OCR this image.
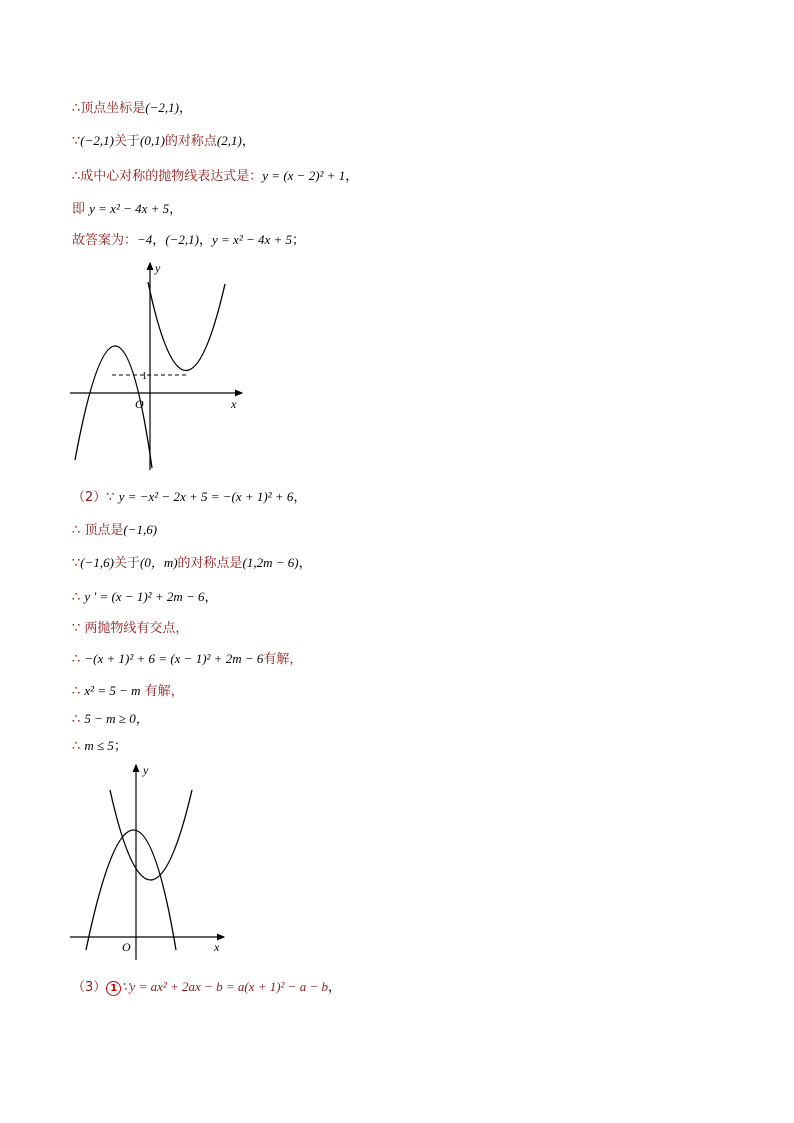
∴顶点坐标是(−2,1)，
∵(−2,1)关于(0,1)的对称点(2,1)，
∴成中心对称的抛物线表达式是：y = (x − 2)² + 1，
即 y = x² − 4x + 5，
故答案为：−4，(−2,1)，y = x² − 4x + 5；
（2）∵ y = −x² − 2x + 5 = −(x + 1)² + 6，
∴ 顶点是(−1,6)
∵(−1,6)关于(0，m)的对称点是(1,2m − 6)，
∴ y ' = (x − 1)² + 2m − 6，
∵ 两抛物线有交点，
∴ −(x + 1)² + 6 = (x − 1)² + 2m − 6有解，
∴ x² = 5 − m 有解，
∴ 5 − m ≥ 0，
∴ m ≤ 5；
（3） 1 ∵y = ax² + 2ax − b = a(x + 1)² − a − b，
y
x
O
1
y
x
O
